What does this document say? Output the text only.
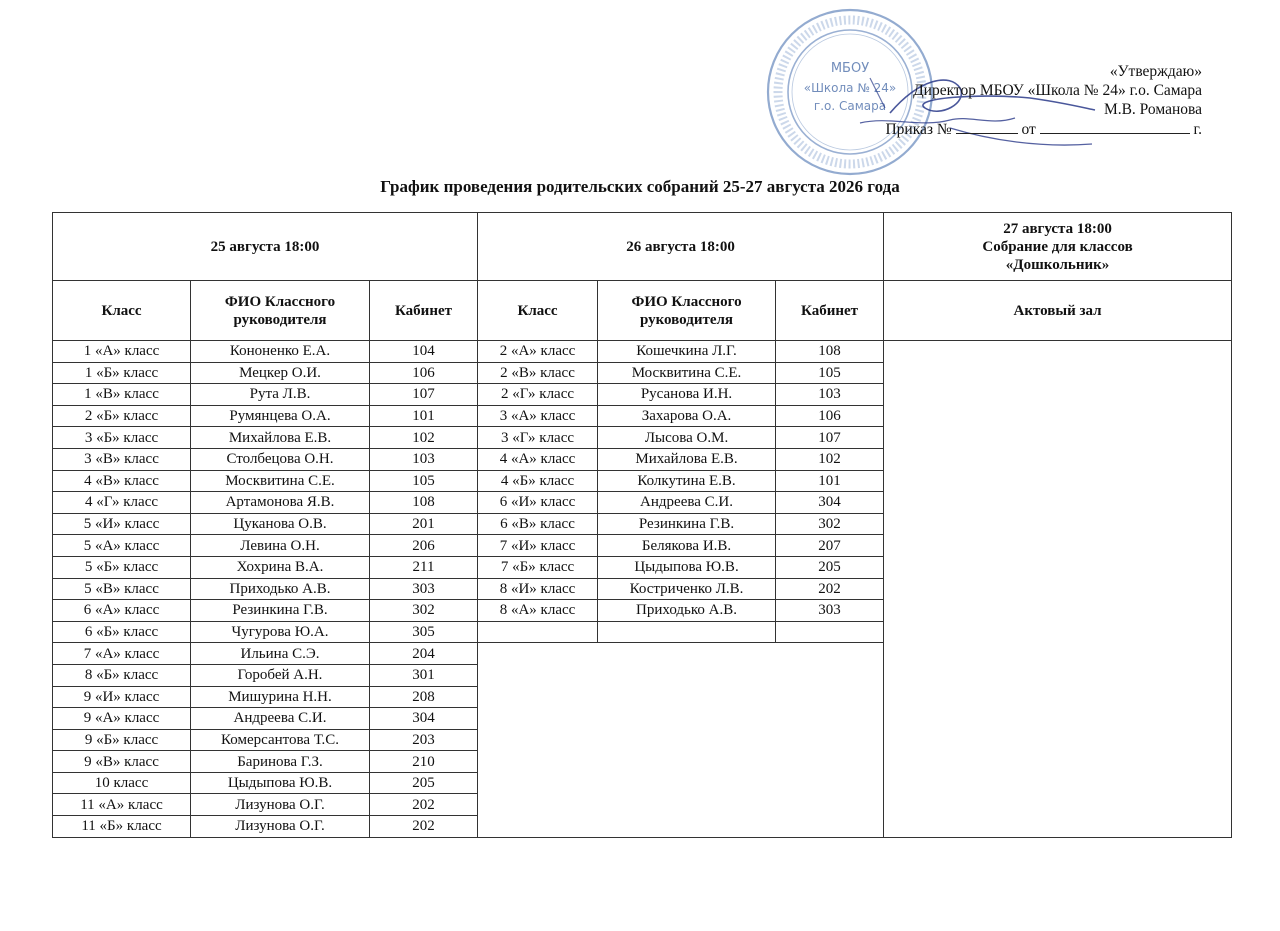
МБОУ
«Школа № 24»
г.о. Самара
«Утверждаю»
Директор МБОУ «Школа № 24» г.о. Самара
М.В. Романова
Приказ №	от	г.
График проведения родительских собраний 25-27 августа 2026 года
25 августа 18:00			26 августа 18:00			27 августа 18:00
Собрание для классов
«Дошкольник»

Класс	ФИО Классного руководителя	Кабинет	Класс	ФИО Классного руководителя	Кабинет	Актовый зал
1 «А» класс	Кононенко Е.А.	104	2 «А» класс	Кошечкина Л.Г.	108	
1 «Б» класс	Мецкер О.И.	106	2 «В» класс	Москвитина С.Е.	105	
1 «В» класс	Рута Л.В.	107	2 «Г» класс	Русанова И.Н.	103	
2 «Б» класс	Румянцева О.А.	101	3 «А» класс	Захарова О.А.	106	
3 «Б» класс	Михайлова Е.В.	102	3 «Г» класс	Лысова О.М.	107	
3 «В» класс	Столбецова О.Н.	103	4 «А» класс	Михайлова Е.В.	102	
4 «В» класс	Москвитина С.Е.	105	4 «Б» класс	Колкутина Е.В.	101	
4 «Г» класс	Артамонова Я.В.	108	6 «И» класс	Андреева С.И.	304	
5 «И» класс	Цуканова О.В.	201	6 «В» класс	Резинкина Г.В.	302	
5 «А» класс	Левина О.Н.	206	7 «И» класс	Белякова И.В.	207	
5 «Б» класс	Хохрина В.А.	211	7 «Б» класс	Цыдыпова Ю.В.	205	
5 «В» класс	Приходько А.В.	303	8 «И» класс	Костриченко Л.В.	202	
6 «А» класс	Резинкина Г.В.	302	8 «А» класс	Приходько А.В.	303	
6 «Б» класс	Чугурова Ю.А.	305				
7 «А» класс	Ильина С.Э.	204				
8 «Б» класс	Горобей А.Н.	301				
9 «И» класс	Мишурина Н.Н.	208				
9 «А» класс	Андреева С.И.	304				
9 «Б» класс	Комерсантова Т.С.	203				
9 «В» класс	Баринова Г.З.	210				
10 класс	Цыдыпова Ю.В.	205				
11 «А» класс	Лизунова О.Г.	202				
11 «Б» класс	Лизунова О.Г.	202				
